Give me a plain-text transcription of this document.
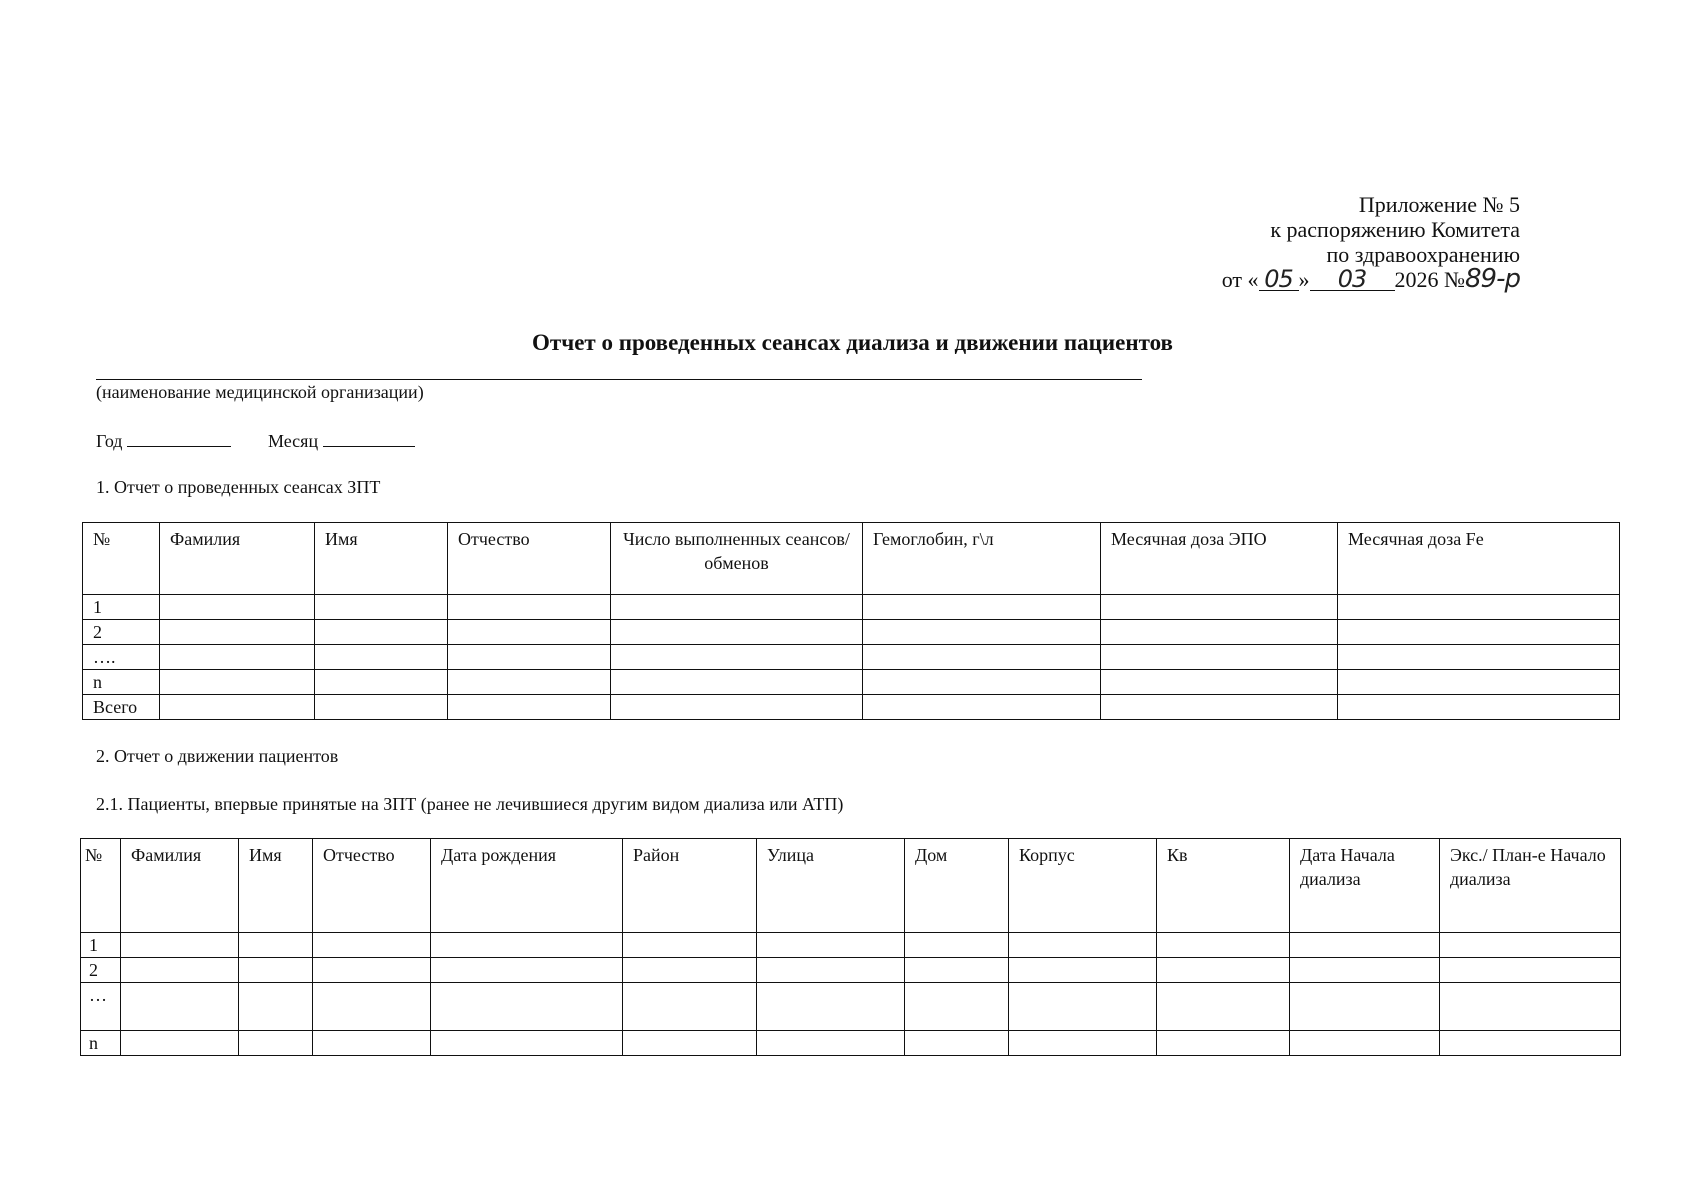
Приложение № 5
к распоряжению Комитета
по здравоохранению
от « 05 » 03 2026 №89-р
Отчет о проведенных сеансах диализа и движении пациентов
(наименование медицинской организации)
Год	Месяц
1. Отчет о проведенных сеансах ЗПТ
№	Фамилия	Имя	Отчество	Число выполненных сеансов/обменов	Гемоглобин, г\л	Месячная доза ЭПО	Месячная доза Fe
1							
2							
….							
n							
Всего							
2. Отчет о движении пациентов
2.1. Пациенты, впервые принятые на ЗПТ (ранее не лечившиеся другим видом диализа или АТП)
№	Фамилия	Имя	Отчество	Дата рождения	Район	Улица	Дом	Корпус	Кв	Дата Начала диализа	Экс./ План-е Начало диализа
1											
2											
…											
n											
